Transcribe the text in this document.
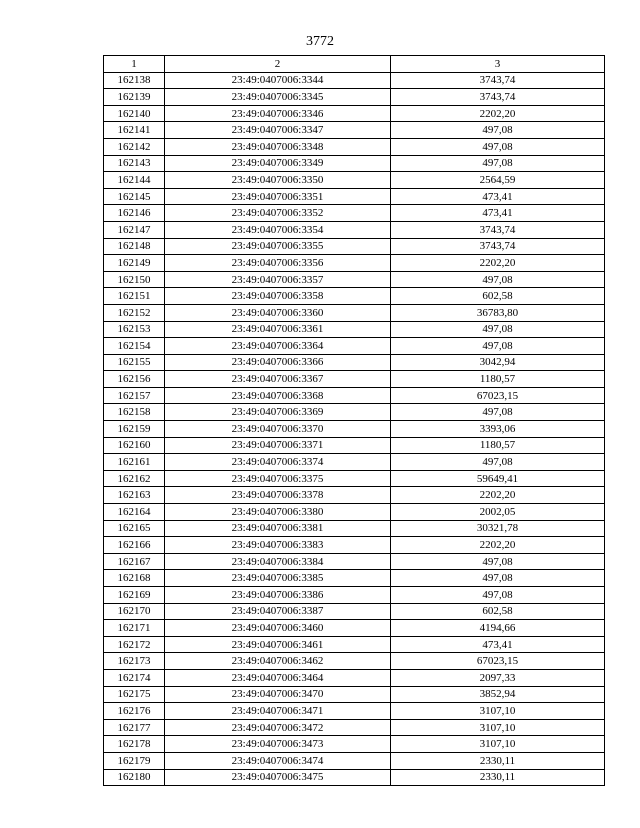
3772
1	2	3
162138	23:49:0407006:3344	3743,74
162139	23:49:0407006:3345	3743,74
162140	23:49:0407006:3346	2202,20
162141	23:49:0407006:3347	497,08
162142	23:49:0407006:3348	497,08
162143	23:49:0407006:3349	497,08
162144	23:49:0407006:3350	2564,59
162145	23:49:0407006:3351	473,41
162146	23:49:0407006:3352	473,41
162147	23:49:0407006:3354	3743,74
162148	23:49:0407006:3355	3743,74
162149	23:49:0407006:3356	2202,20
162150	23:49:0407006:3357	497,08
162151	23:49:0407006:3358	602,58
162152	23:49:0407006:3360	36783,80
162153	23:49:0407006:3361	497,08
162154	23:49:0407006:3364	497,08
162155	23:49:0407006:3366	3042,94
162156	23:49:0407006:3367	1180,57
162157	23:49:0407006:3368	67023,15
162158	23:49:0407006:3369	497,08
162159	23:49:0407006:3370	3393,06
162160	23:49:0407006:3371	1180,57
162161	23:49:0407006:3374	497,08
162162	23:49:0407006:3375	59649,41
162163	23:49:0407006:3378	2202,20
162164	23:49:0407006:3380	2002,05
162165	23:49:0407006:3381	30321,78
162166	23:49:0407006:3383	2202,20
162167	23:49:0407006:3384	497,08
162168	23:49:0407006:3385	497,08
162169	23:49:0407006:3386	497,08
162170	23:49:0407006:3387	602,58
162171	23:49:0407006:3460	4194,66
162172	23:49:0407006:3461	473,41
162173	23:49:0407006:3462	67023,15
162174	23:49:0407006:3464	2097,33
162175	23:49:0407006:3470	3852,94
162176	23:49:0407006:3471	3107,10
162177	23:49:0407006:3472	3107,10
162178	23:49:0407006:3473	3107,10
162179	23:49:0407006:3474	2330,11
162180	23:49:0407006:3475	2330,11
